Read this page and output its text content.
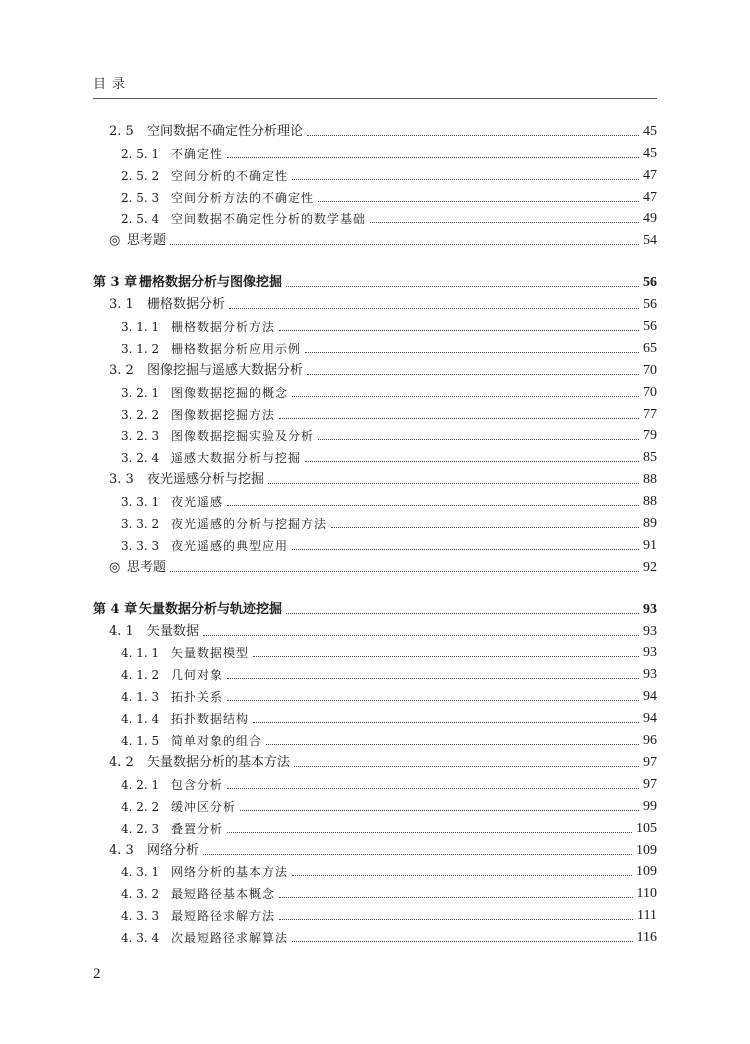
目 录
2. 5	空间数据不确定性分析理论	45
2. 5. 1 不确定性	45
2. 5. 2 空间分析的不确定性	47
2. 5. 3 空间分析方法的不确定性	47
2. 5. 4 空间数据不确定性分析的数学基础	49
◎ 思考题	54
第 3 章 栅格数据分析与图像挖掘	56
3. 1	栅格数据分析	56
3. 1. 1 栅格数据分析方法	56
3. 1. 2 栅格数据分析应用示例	65
3. 2	图像挖掘与遥感大数据分析	70
3. 2. 1 图像数据挖掘的概念	70
3. 2. 2 图像数据挖掘方法	77
3. 2. 3 图像数据挖掘实验及分析	79
3. 2. 4 遥感大数据分析与挖掘	85
3. 3	夜光遥感分析与挖掘	88
3. 3. 1 夜光遥感	88
3. 3. 2 夜光遥感的分析与挖掘方法	89
3. 3. 3 夜光遥感的典型应用	91
◎ 思考题	92
第 4 章 矢量数据分析与轨迹挖掘	93
4. 1	矢量数据	93
4. 1. 1 矢量数据模型	93
4. 1. 2 几何对象	93
4. 1. 3 拓扑关系	94
4. 1. 4 拓扑数据结构	94
4. 1. 5 简单对象的组合	96
4. 2	矢量数据分析的基本方法	97
4. 2. 1 包含分析	97
4. 2. 2 缓冲区分析	99
4. 2. 3 叠置分析	105
4. 3	网络分析	109
4. 3. 1 网络分析的基本方法	109
4. 3. 2 最短路径基本概念	110
4. 3. 3 最短路径求解方法	111
4. 3. 4 次最短路径求解算法	116
2
